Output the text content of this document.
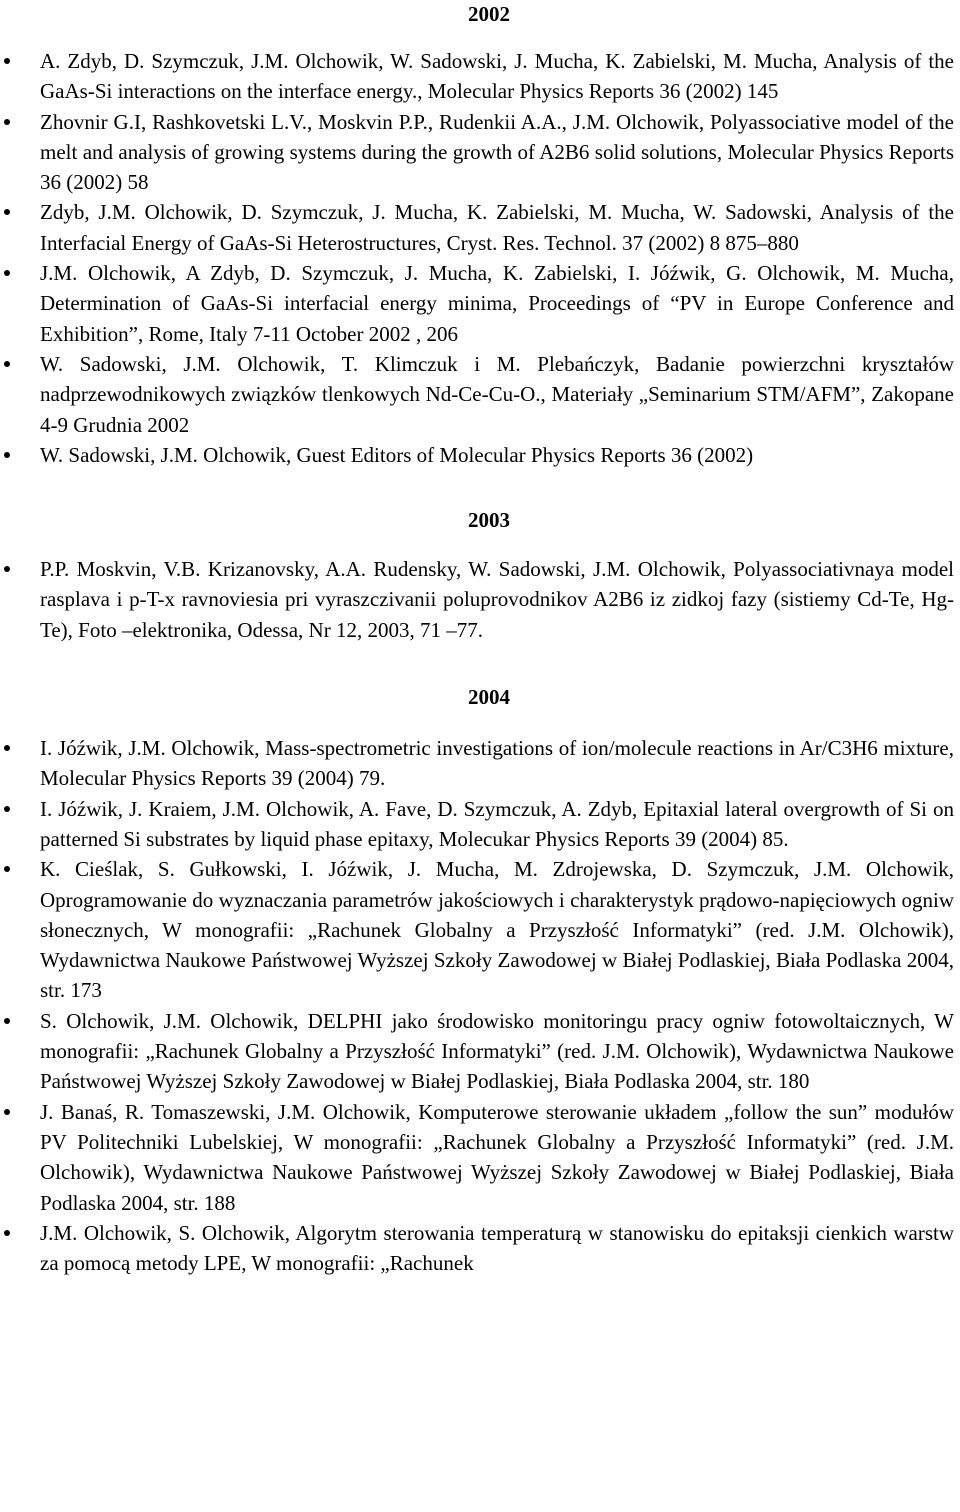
2002
A. Zdyb, D. Szymczuk, J.M. Olchowik, W. Sadowski, J. Mucha, K. Zabielski, M. Mucha, Analysis of the GaAs-Si interactions on the interface energy., Molecular Physics Reports 36 (2002) 145
Zhovnir G.I, Rashkovetski L.V., Moskvin P.P., Rudenkii A.A., J.M. Olchowik, Polyassociative model of the melt and analysis of growing systems during the growth of A2B6 solid solutions, Molecular Physics Reports 36 (2002) 58
Zdyb, J.M. Olchowik, D. Szymczuk, J. Mucha, K. Zabielski, M. Mucha, W. Sadowski, Analysis of the Interfacial Energy of GaAs-Si Heterostructures, Cryst. Res. Technol. 37 (2002) 8 875–880
J.M. Olchowik, A Zdyb, D. Szymczuk, J. Mucha, K. Zabielski, I. Jóźwik, G. Olchowik, M. Mucha, Determination of GaAs-Si interfacial energy minima, Proceedings of “PV in Europe Conference and Exhibition”, Rome, Italy 7-11 October 2002 , 206
W. Sadowski, J.M. Olchowik, T. Klimczuk i M. Plebańczyk, Badanie powierzchni kryształów nadprzewodnikowych związków tlenkowych Nd-Ce-Cu-O., Materiały „Seminarium STM/AFM”, Zakopane 4-9 Grudnia 2002
W. Sadowski, J.M. Olchowik, Guest Editors of Molecular Physics Reports 36 (2002)
2003
P.P. Moskvin, V.B. Krizanovsky, A.A. Rudensky, W. Sadowski, J.M. Olchowik, Polyassociativnaya model rasplava i p-T-x ravnoviesia pri vyraszczivanii poluprovodnikov A2B6 iz zidkoj fazy (sistiemy Cd-Te, Hg-Te), Foto –elektronika, Odessa, Nr 12, 2003, 71 –77.
2004
I. Jóźwik, J.M. Olchowik, Mass-spectrometric investigations of ion/molecule reactions in Ar/C3H6 mixture, Molecular Physics Reports 39 (2004) 79.
I. Jóźwik, J. Kraiem, J.M. Olchowik, A. Fave, D. Szymczuk, A. Zdyb, Epitaxial lateral overgrowth of Si on patterned Si substrates by liquid phase epitaxy, Molecukar Physics Reports 39 (2004) 85.
K. Cieślak, S. Gułkowski, I. Jóźwik, J. Mucha, M. Zdrojewska, D. Szymczuk, J.M. Olchowik, Oprogramowanie do wyznaczania parametrów jakościowych i charakterystyk prądowo-napięciowych ogniw słonecznych, W monografii: „Rachunek Globalny a Przyszłość Informatyki” (red. J.M. Olchowik), Wydawnictwa Naukowe Państwowej Wyższej Szkoły Zawodowej w Białej Podlaskiej, Biała Podlaska 2004, str. 173
S. Olchowik, J.M. Olchowik, DELPHI jako środowisko monitoringu pracy ogniw fotowoltaicznych, W monografii: „Rachunek Globalny a Przyszłość Informatyki” (red. J.M. Olchowik), Wydawnictwa Naukowe Państwowej Wyższej Szkoły Zawodowej w Białej Podlaskiej, Biała Podlaska 2004, str. 180
J. Banaś, R. Tomaszewski, J.M. Olchowik, Komputerowe sterowanie układem „follow the sun” modułów PV Politechniki Lubelskiej, W monografii: „Rachunek Globalny a Przyszłość Informatyki” (red. J.M. Olchowik), Wydawnictwa Naukowe Państwowej Wyższej Szkoły Zawodowej w Białej Podlaskiej, Biała Podlaska 2004, str. 188
J.M. Olchowik, S. Olchowik, Algorytm sterowania temperaturą w stanowisku do epitaksji cienkich warstw za pomocą metody LPE, W monografii: „Rachunek
